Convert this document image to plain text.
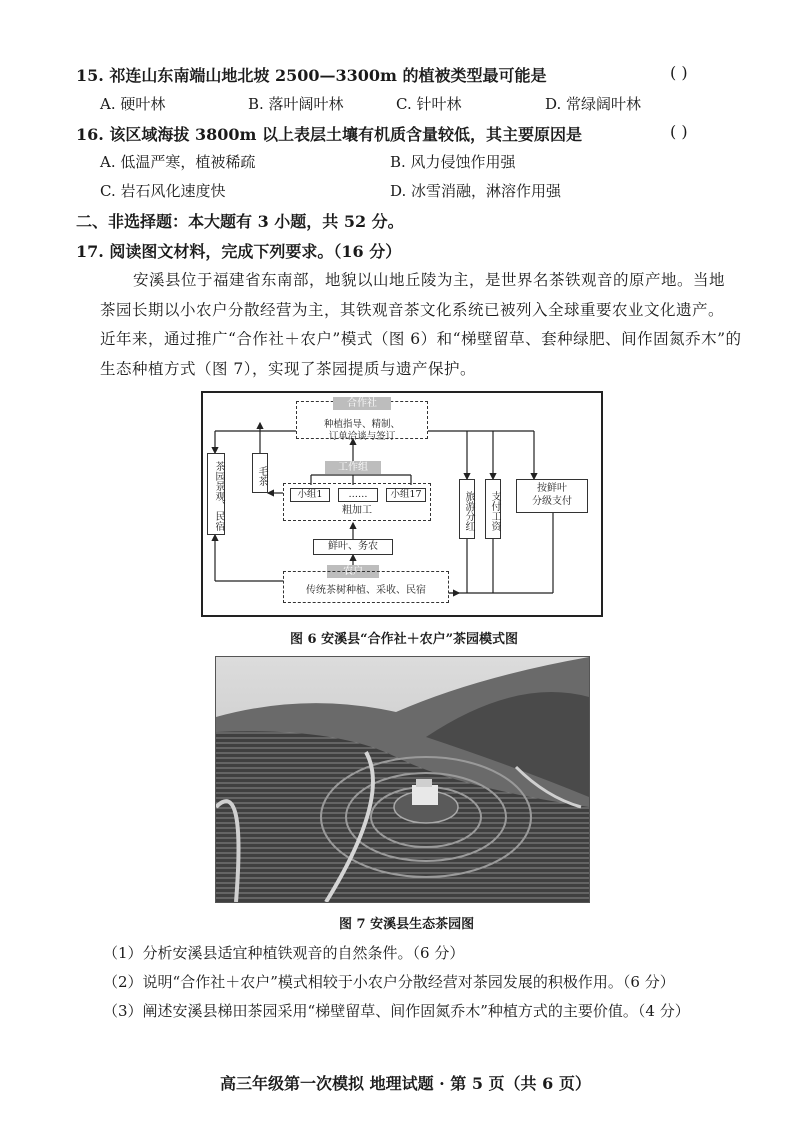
15. 祁连山东南端山地北坡 2500—3300m 的植被类型最可能是	( )
A. 硬叶林	B. 落叶阔叶林	C. 针叶林	D. 常绿阔叶林
16. 该区域海拔 3800m 以上表层土壤有机质含量较低，其主要原因是	( )
A. 低温严寒，植被稀疏	B. 风力侵蚀作用强
C. 岩石风化速度快	D. 冰雪消融，淋溶作用强
二、非选择题：本大题有 3 小题，共 52 分。
17. 阅读图文材料，完成下列要求。（16 分）
安溪县位于福建省东南部，地貌以山地丘陵为主，是世界名茶铁观音的原产地。当地
茶园长期以小农户分散经营为主，其铁观音茶文化系统已被列入全球重要农业文化遗产。
近年来，通过推广“合作社＋农户”模式（图 6）和“梯壁留草、套种绿肥、间作固氮乔木”的
生态种植方式（图 7），实现了茶园提质与遗产保护。
种植指导、精制、
订单洽谈与签订
合作社
茶园景观、民宿	毛茶	工作组
小组1	……	小组17
粗加工
鲜叶、务农
农户
传统茶树种植、采收、民宿
旅游分红	支付工资
按鲜叶
分级支付
图 6 安溪县“合作社＋农户”茶园模式图
图 7 安溪县生态茶园图
（1）分析安溪县适宜种植铁观音的自然条件。（6 分）
（2）说明“合作社＋农户”模式相较于小农户分散经营对茶园发展的积极作用。（6 分）
（3）阐述安溪县梯田茶园采用“梯壁留草、间作固氮乔木”种植方式的主要价值。（4 分）
高三年级第一次模拟 地理试题 · 第 5 页（共 6 页）
